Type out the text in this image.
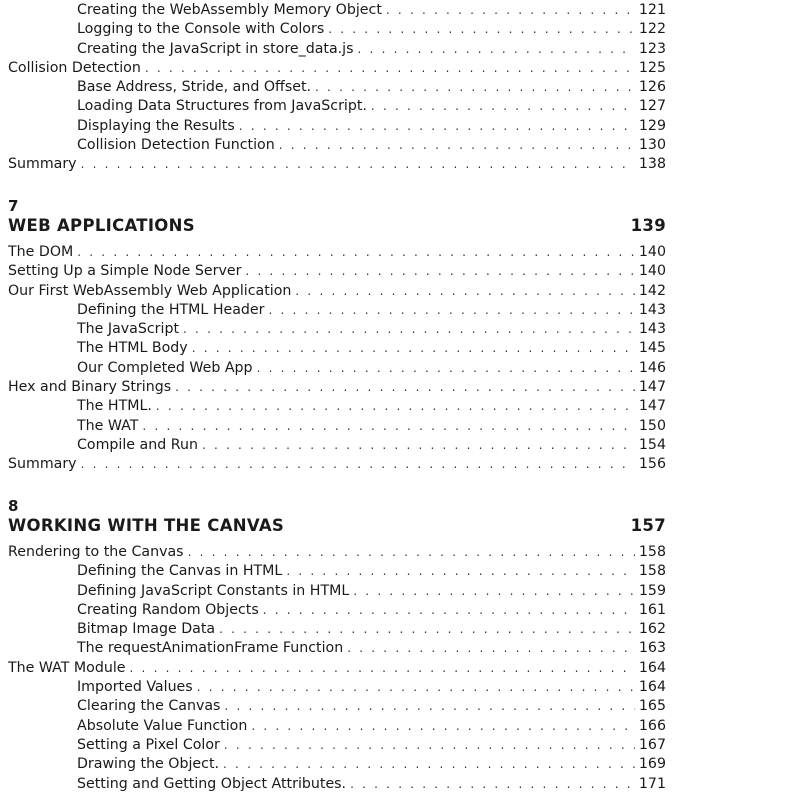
Creating the WebAssembly Memory Object . . .	121
Logging to the Console with Colors . . .	122
Creating the JavaScript in store_data.js . . .	123
Collision Detection . . .	125
Base Address, Stride, and Offset. . . .	126
Loading Data Structures from JavaScript. . . .	127
Displaying the Results . . .	129
Collision Detection Function . . .	130
Summary . . .	138
7
WEB APPLICATIONS	139
The DOM . . .	140
Setting Up a Simple Node Server . . .	140
Our First WebAssembly Web Application . . .	142
Defining the HTML Header . . .	143
The JavaScript . . .	143
The HTML Body . . .	145
Our Completed Web App . . .	146
Hex and Binary Strings . . .	147
The HTML. . . .	147
The WAT . . .	150
Compile and Run . . .	154
Summary . . .	156
8
WORKING WITH THE CANVAS	157
Rendering to the Canvas . . .	158
Defining the Canvas in HTML . . .	158
Defining JavaScript Constants in HTML . . .	159
Creating Random Objects . . .	161
Bitmap Image Data . . .	162
The requestAnimationFrame Function . . .	163
The WAT Module . . .	164
Imported Values . . .	164
Clearing the Canvas . . .	165
Absolute Value Function . . .	166
Setting a Pixel Color . . .	167
Drawing the Object. . . .	169
Setting and Getting Object Attributes. . . .	171
